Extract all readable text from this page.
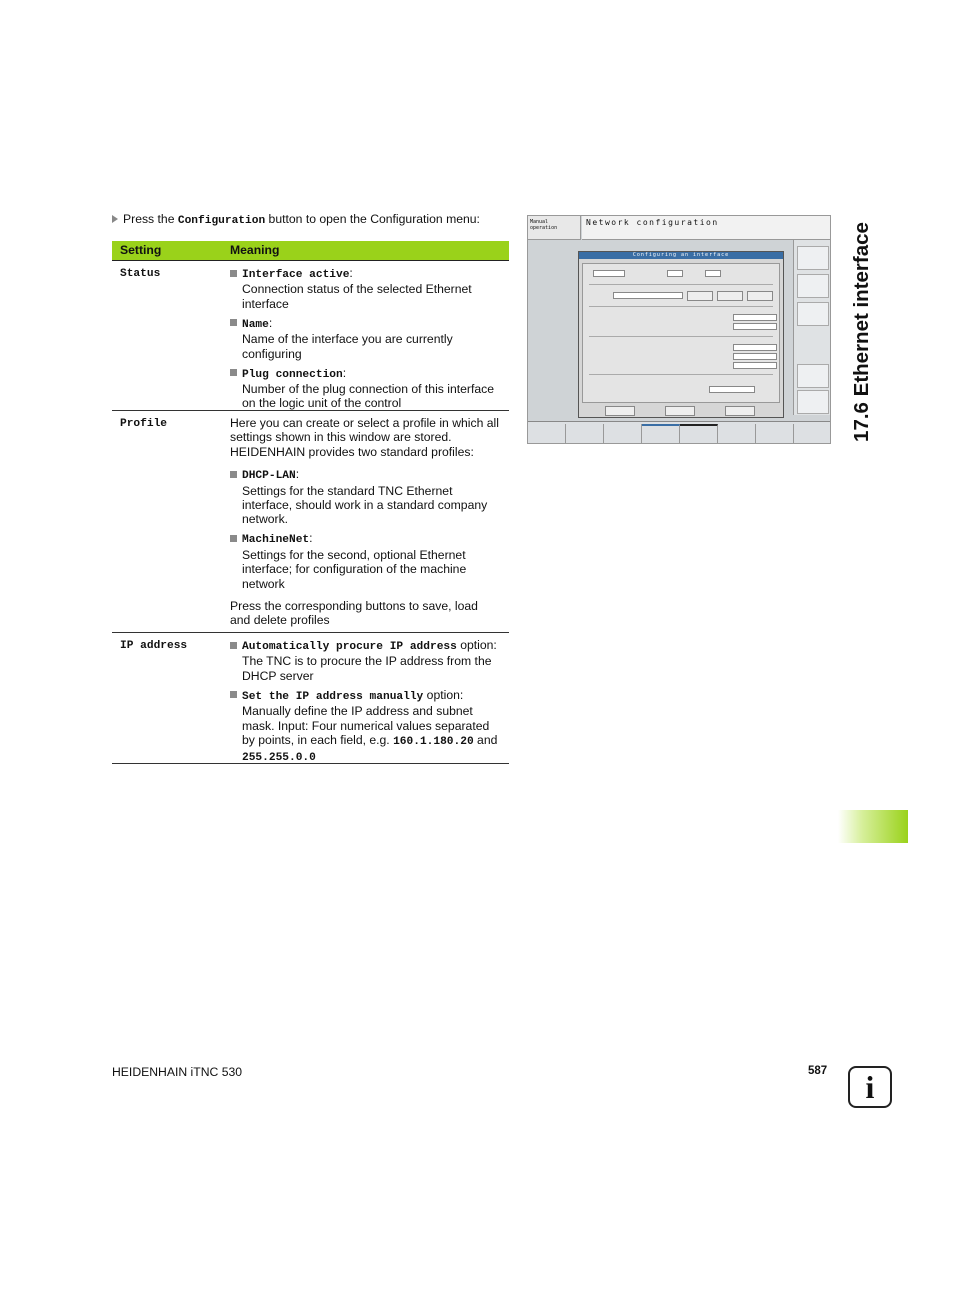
Press the Configuration button to open the Configuration menu:
Setting	Meaning
Status	Interface active:
Connection status of the selected Ethernet interface
Name:
Name of the interface you are currently configuring
Plug connection:
Number of the plug connection of this interface on the logic unit of the control
Profile	Here you can create or select a profile in which all settings shown in this window are stored. HEIDENHAIN provides two standard profiles:
DHCP-LAN:
Settings for the standard TNC Ethernet interface, should work in a standard company network.
MachineNet:
Settings for the second, optional Ethernet interface; for configuration of the machine network
Press the corresponding buttons to save, load and delete profiles
IP address	Automatically procure IP address option: The TNC is to procure the IP address from the DHCP server
Set the IP address manually option: Manually define the IP address and subnet mask. Input: Four numerical values separated by points, in each field, e.g. 160.1.180.20 and 255.255.0.0
Manual operation
Network configuration
Configuring an interface	17.6 Ethernet interface
HEIDENHAIN iTNC 530	587	i
